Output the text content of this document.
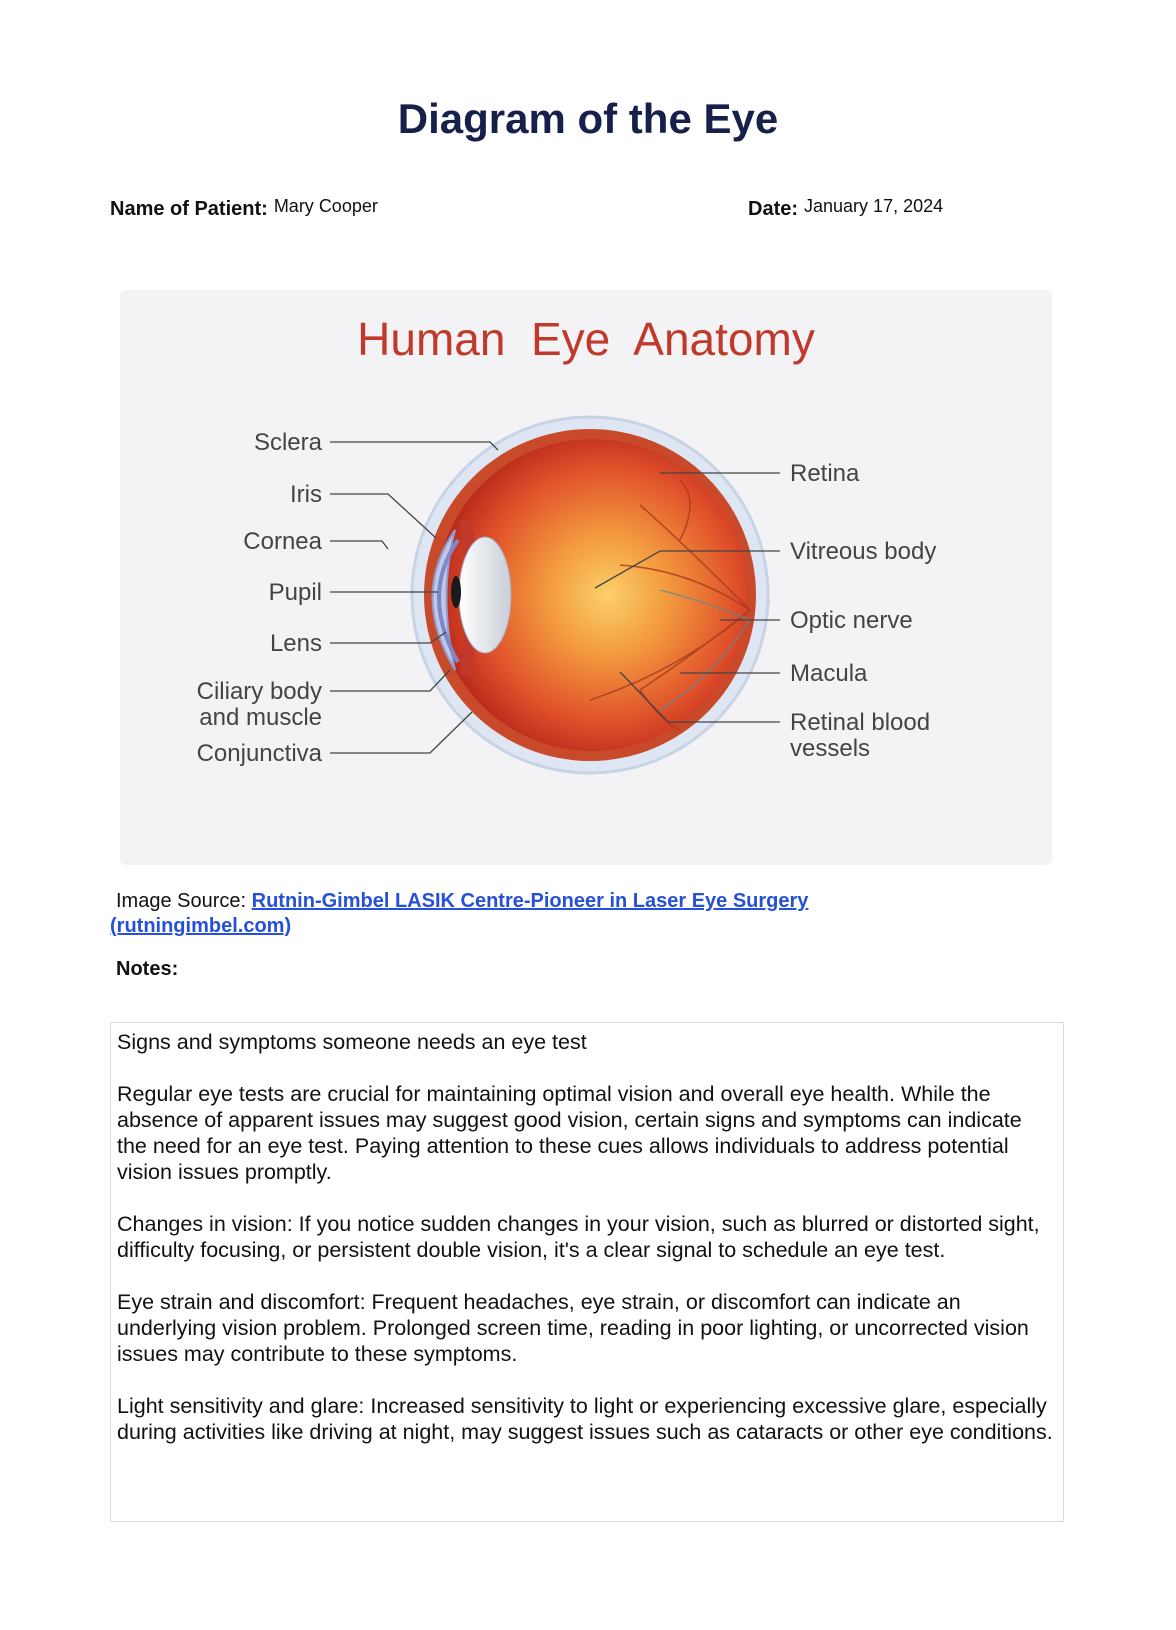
Diagram of the Eye
Name of Patient: Mary Cooper	Date: January 17, 2024
Human  Eye  Anatomy
Sclera
Iris
Cornea
Pupil
Lens
Ciliary body
and muscle
Conjunctiva
Retina
Vitreous body
Optic nerve
Macula
Retinal blood
vessels
Image Source: Rutnin-Gimbel LASIK Centre-Pioneer in Laser Eye Surgery (rutningimbel.com)
Notes:

Signs and symptoms someone needs an eye test

Regular eye tests are crucial for maintaining optimal vision and overall eye health. While the absence of apparent issues may suggest good vision, certain signs and symptoms can indicate the need for an eye test. Paying attention to these cues allows individuals to address potential vision issues promptly.

Changes in vision: If you notice sudden changes in your vision, such as blurred or distorted sight, difficulty focusing, or persistent double vision, it's a clear signal to schedule an eye test.

Eye strain and discomfort: Frequent headaches, eye strain, or discomfort can indicate an underlying vision problem. Prolonged screen time, reading in poor lighting, or uncorrected vision issues may contribute to these symptoms.

Light sensitivity and glare: Increased sensitivity to light or experiencing excessive glare, especially during activities like driving at night, may suggest issues such as cataracts or other eye conditions.
